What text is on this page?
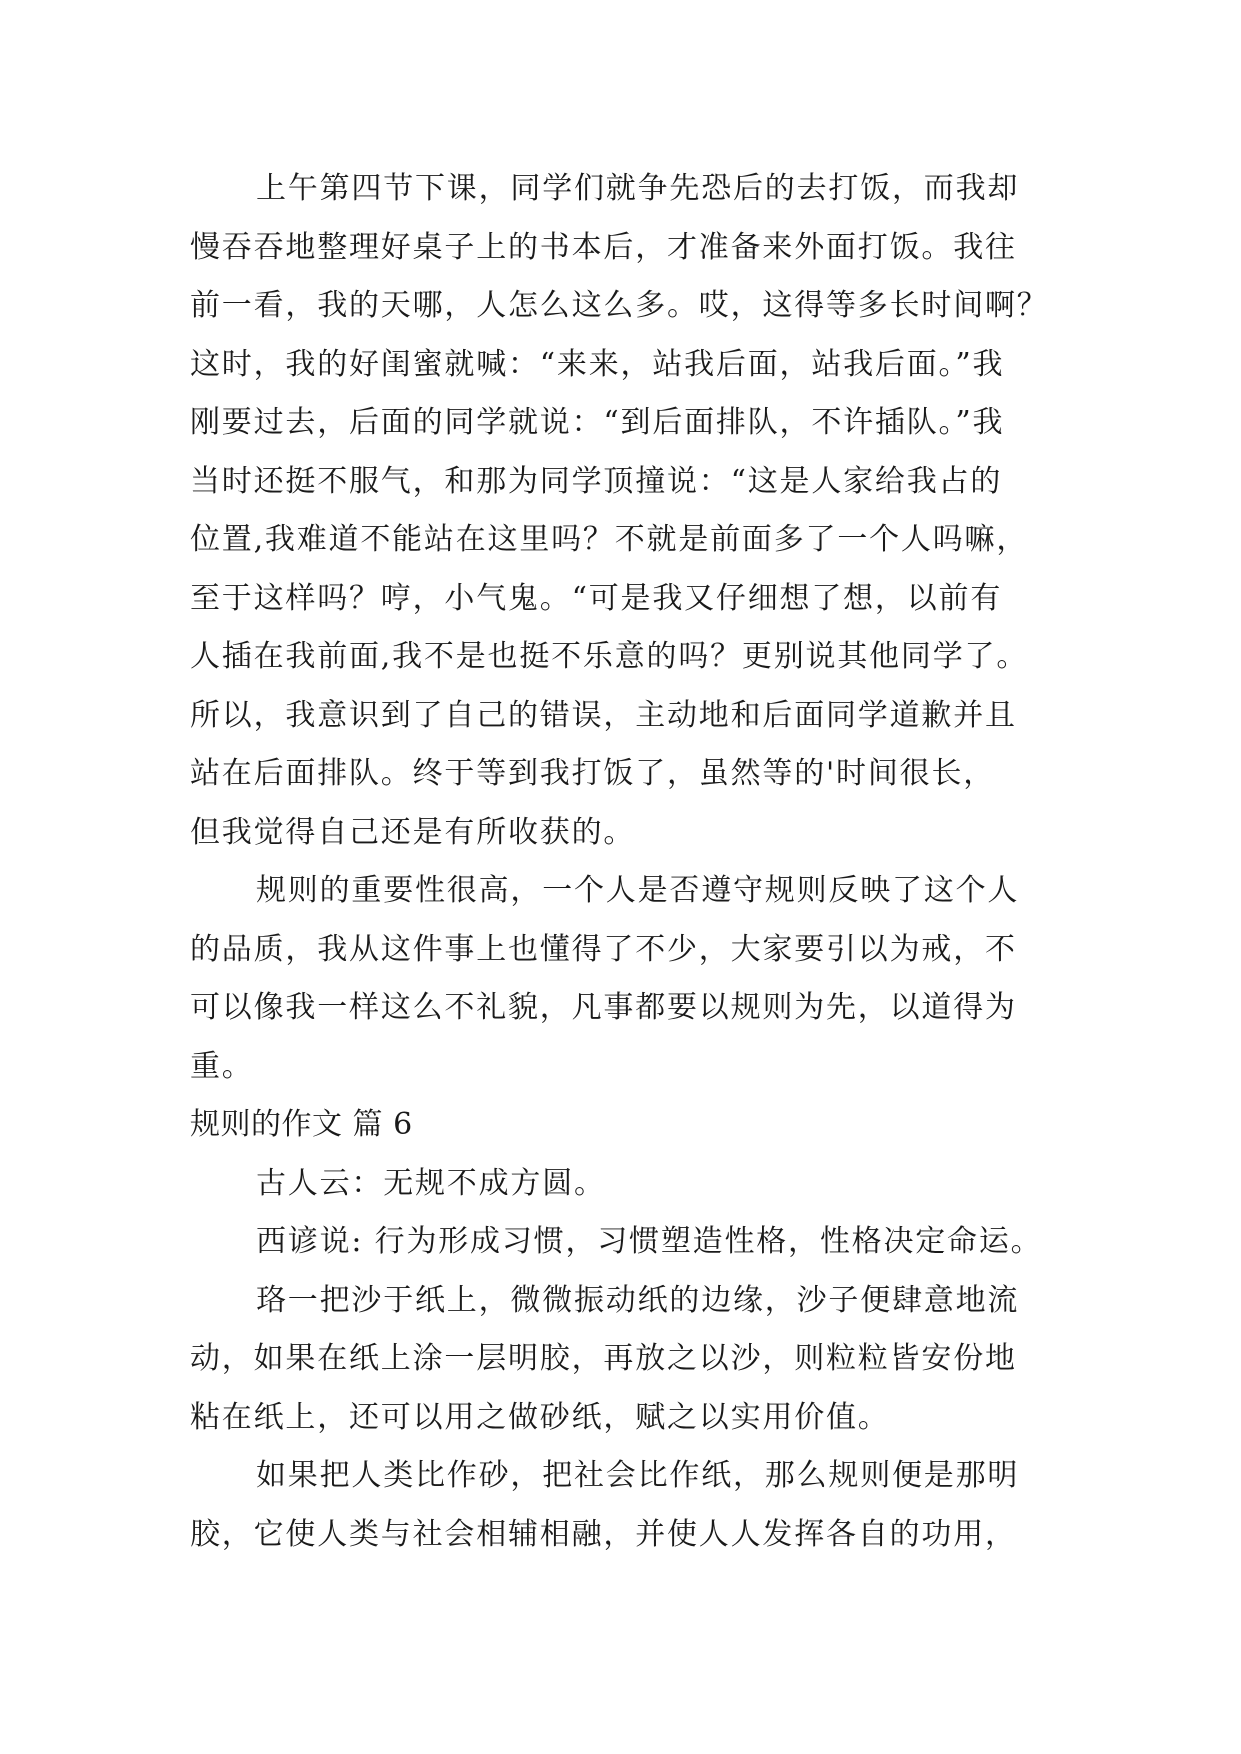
上午第四节下课，同学们就争先恐后的去打饭，而我却
慢吞吞地整理好桌子上的书本后，才准备来外面打饭。我往
前一看，我的天哪，人怎么这么多。哎，这得等多长时间啊？
这时，我的好闺蜜就喊：“来来，站我后面，站我后面。”我
刚要过去，后面的同学就说：“到后面排队，不许插队。”我
当时还挺不服气，和那为同学顶撞说：“这是人家给我占的
位置,我难道不能站在这里吗？不就是前面多了一个人吗嘛，
至于这样吗？哼，小气鬼。“可是我又仔细想了想，以前有
人插在我前面,我不是也挺不乐意的吗？更别说其他同学了。
所以，我意识到了自己的错误，主动地和后面同学道歉并且
站在后面排队。终于等到我打饭了，虽然等的'时间很长，
但我觉得自己还是有所收获的。
规则的重要性很高，一个人是否遵守规则反映了这个人
的品质，我从这件事上也懂得了不少，大家要引以为戒，不
可以像我一样这么不礼貌，凡事都要以规则为先，以道得为
重。
规则的作文 篇 6
古人云：无规不成方圆。
西谚说: 行为形成习惯，习惯塑造性格，性格决定命运。
珞一把沙于纸上，微微振动纸的边缘，沙子便肆意地流
动，如果在纸上涂一层明胶，再放之以沙，则粒粒皆安份地
粘在纸上，还可以用之做砂纸，赋之以实用价值。
如果把人类比作砂，把社会比作纸，那么规则便是那明
胶，它使人类与社会相辅相融，并使人人发挥各自的功用，
